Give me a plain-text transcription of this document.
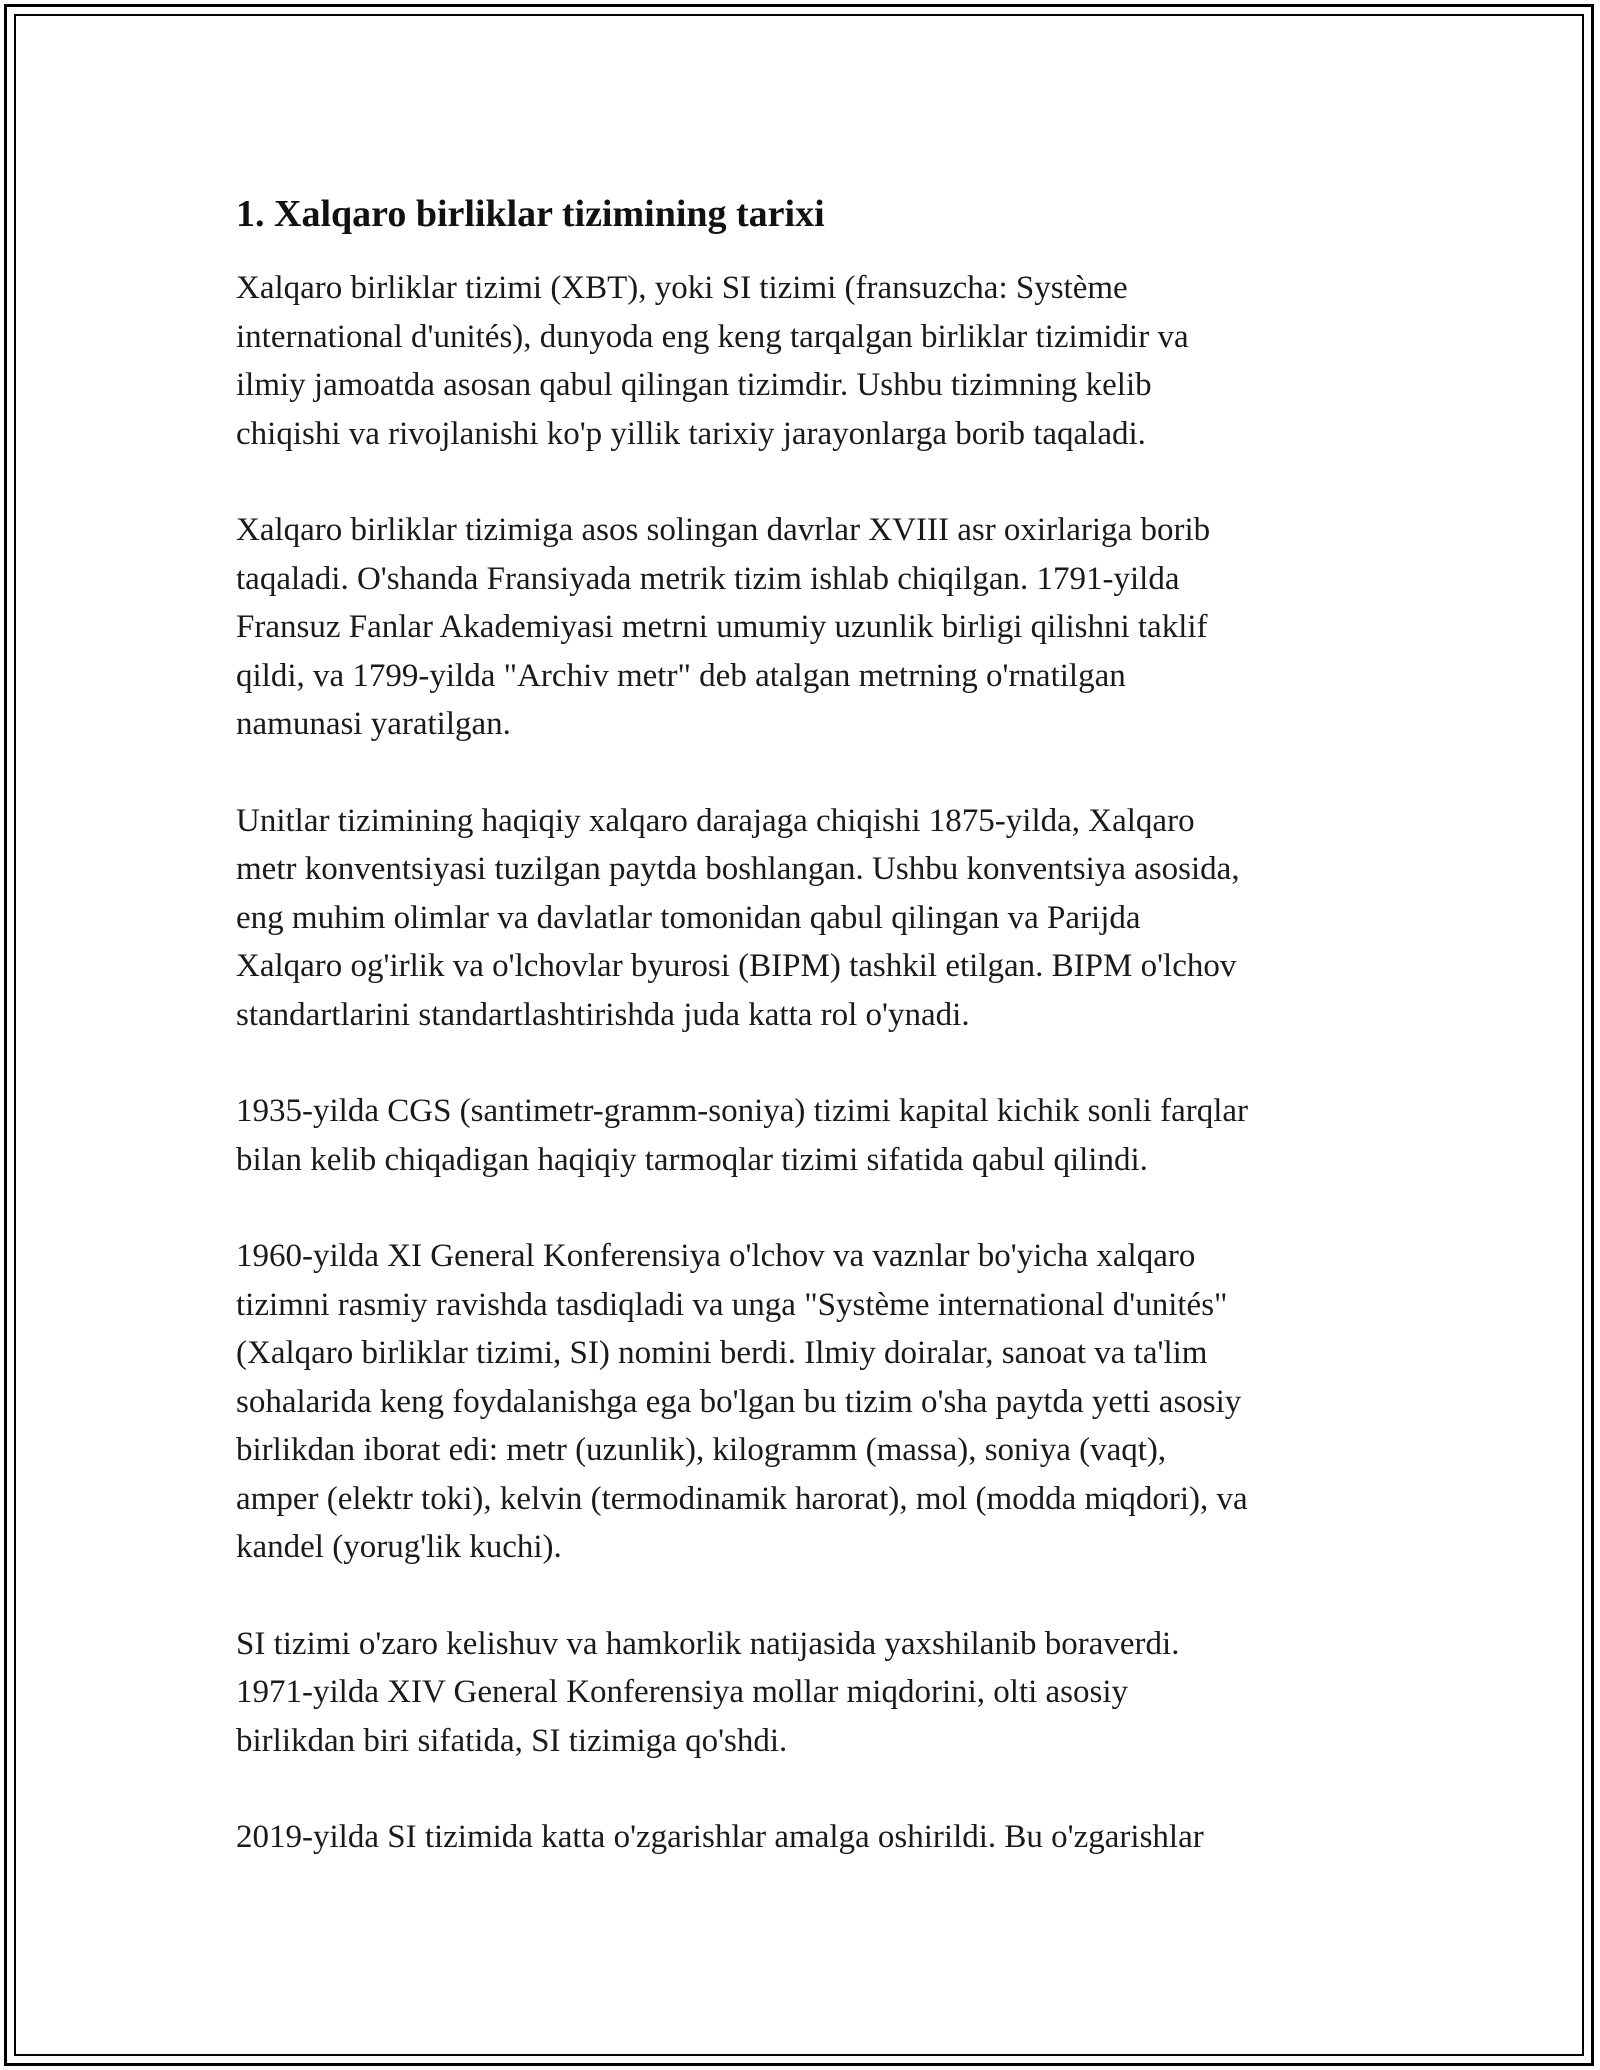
1. Xalqaro birliklar tizimining tarixi

Xalqaro birliklar tizimi (XBT), yoki SI tizimi (fransuzcha: Système
international d'unités), dunyoda eng keng tarqalgan birliklar tizimidir va
ilmiy jamoatda asosan qabul qilingan tizimdir. Ushbu tizimning kelib
chiqishi va rivojlanishi ko'p yillik tarixiy jarayonlarga borib taqaladi.

Xalqaro birliklar tizimiga asos solingan davrlar XVIII asr oxirlariga borib
taqaladi. O'shanda Fransiyada metrik tizim ishlab chiqilgan. 1791-yilda
Fransuz Fanlar Akademiyasi metrni umumiy uzunlik birligi qilishni taklif
qildi, va 1799-yilda "Archiv metr" deb atalgan metrning o'rnatilgan
namunasi yaratilgan.

Unitlar tizimining haqiqiy xalqaro darajaga chiqishi 1875-yilda, Xalqaro
metr konventsiyasi tuzilgan paytda boshlangan. Ushbu konventsiya asosida,
eng muhim olimlar va davlatlar tomonidan qabul qilingan va Parijda
Xalqaro og'irlik va o'lchovlar byurosi (BIPM) tashkil etilgan. BIPM o'lchov
standartlarini standartlashtirishda juda katta rol o'ynadi.

1935-yilda CGS (santimetr-gramm-soniya) tizimi kapital kichik sonli farqlar
bilan kelib chiqadigan haqiqiy tarmoqlar tizimi sifatida qabul qilindi.

1960-yilda XI General Konferensiya o'lchov va vaznlar bo'yicha xalqaro
tizimni rasmiy ravishda tasdiqladi va unga "Système international d'unités"
(Xalqaro birliklar tizimi, SI) nomini berdi. Ilmiy doiralar, sanoat va ta'lim
sohalarida keng foydalanishga ega bo'lgan bu tizim o'sha paytda yetti asosiy
birlikdan iborat edi: metr (uzunlik), kilogramm (massa), soniya (vaqt),
amper (elektr toki), kelvin (termodinamik harorat), mol (modda miqdori), va
kandel (yorug'lik kuchi).

SI tizimi o'zaro kelishuv va hamkorlik natijasida yaxshilanib boraverdi.
1971-yilda XIV General Konferensiya mollar miqdorini, olti asosiy
birlikdan biri sifatida, SI tizimiga qo'shdi.

2019-yilda SI tizimida katta o'zgarishlar amalga oshirildi. Bu o'zgarishlar
